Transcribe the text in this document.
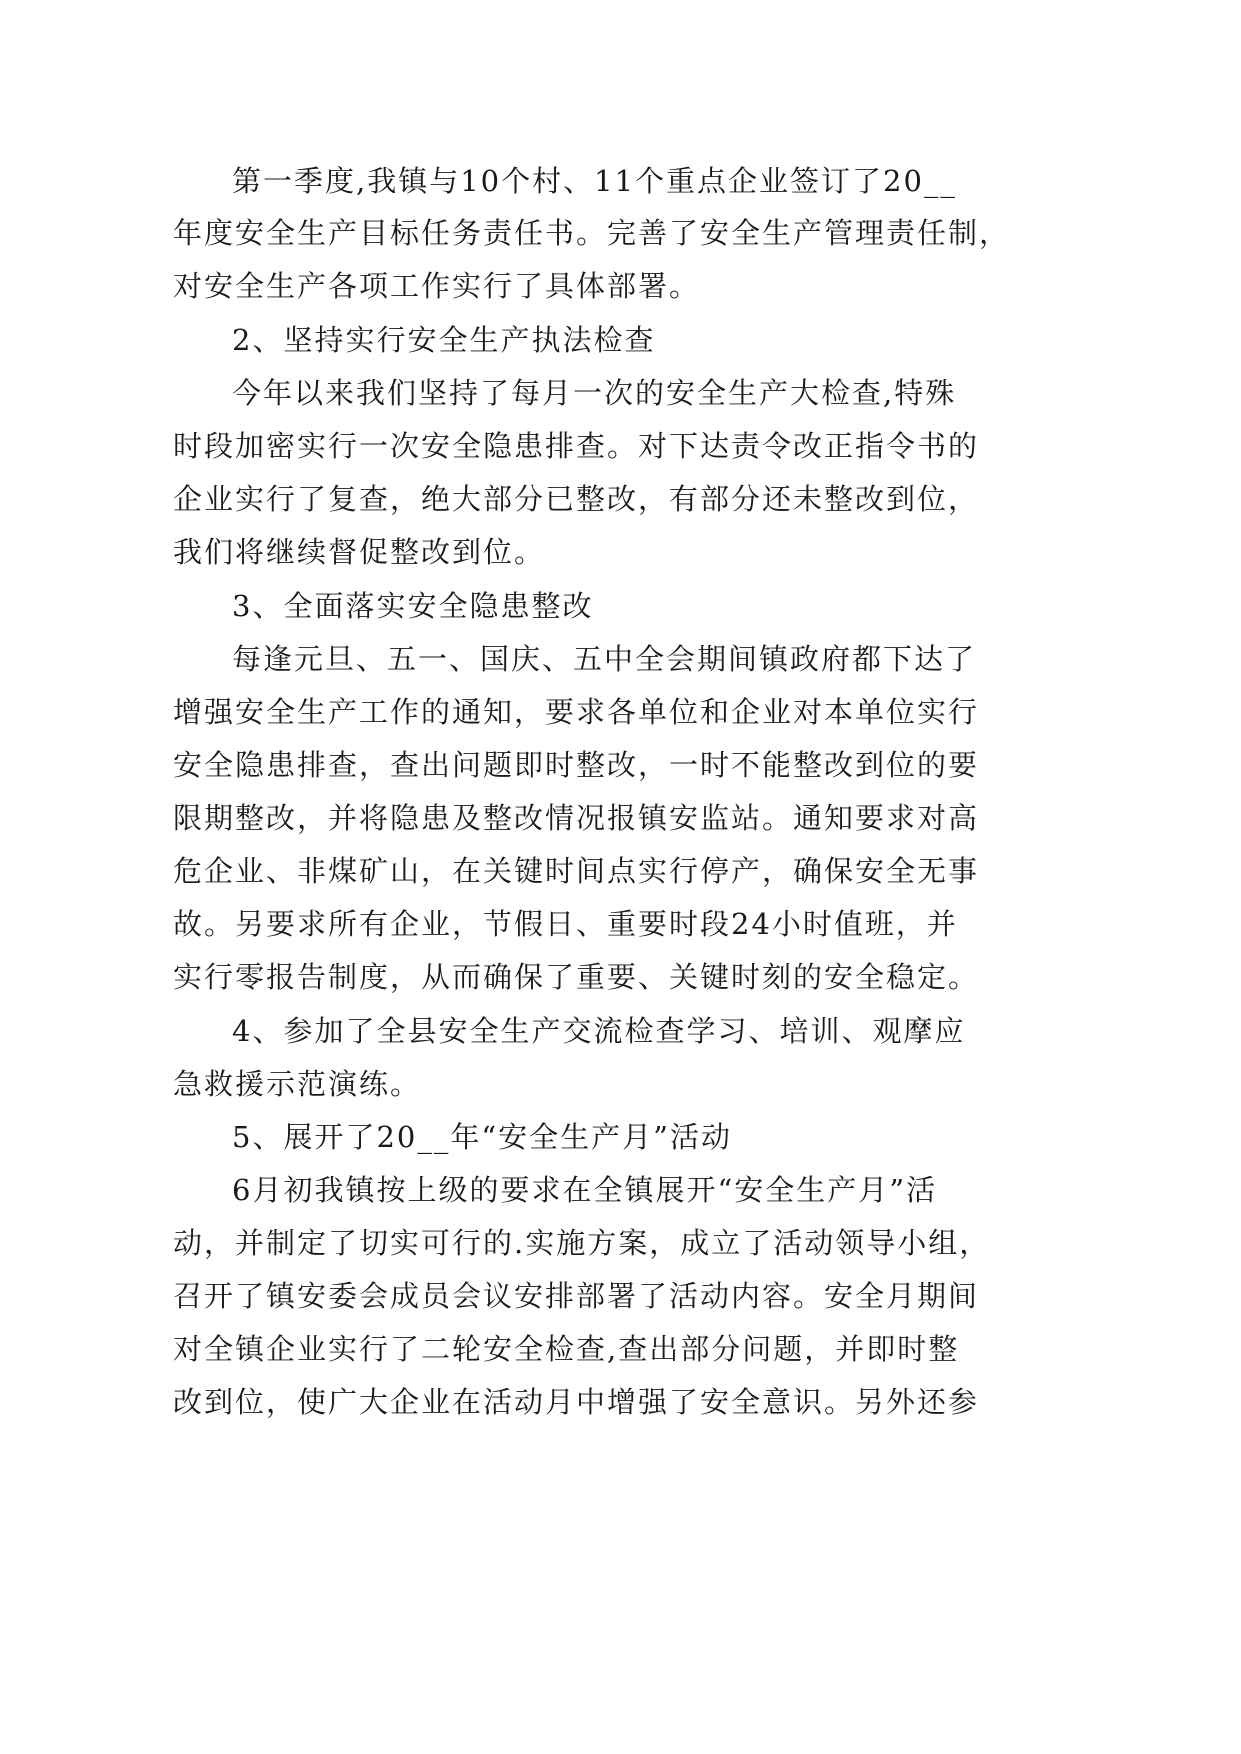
第一季度,我镇与10个村、11个重点企业签订了20__
年度安全生产目标任务责任书。完善了安全生产管理责任制，
对安全生产各项工作实行了具体部署。
2、坚持实行安全生产执法检查
今年以来我们坚持了每月一次的安全生产大检查,特殊
时段加密实行一次安全隐患排查。对下达责令改正指令书的
企业实行了复查，绝大部分已整改，有部分还未整改到位，
我们将继续督促整改到位。
3、全面落实安全隐患整改
每逢元旦、五一、国庆、五中全会期间镇政府都下达了
增强安全生产工作的通知，要求各单位和企业对本单位实行
安全隐患排查，查出问题即时整改，一时不能整改到位的要
限期整改，并将隐患及整改情况报镇安监站。通知要求对高
危企业、非煤矿山，在关键时间点实行停产，确保安全无事
故。另要求所有企业，节假日、重要时段24小时值班，并
实行零报告制度，从而确保了重要、关键时刻的安全稳定。
4、参加了全县安全生产交流检查学习、培训、观摩应
急救援示范演练。
5、展开了20__年“安全生产月”活动
6月初我镇按上级的要求在全镇展开“安全生产月”活
动，并制定了切实可行的.实施方案，成立了活动领导小组，
召开了镇安委会成员会议安排部署了活动内容。安全月期间
对全镇企业实行了二轮安全检查,查出部分问题，并即时整
改到位，使广大企业在活动月中增强了安全意识。另外还参
